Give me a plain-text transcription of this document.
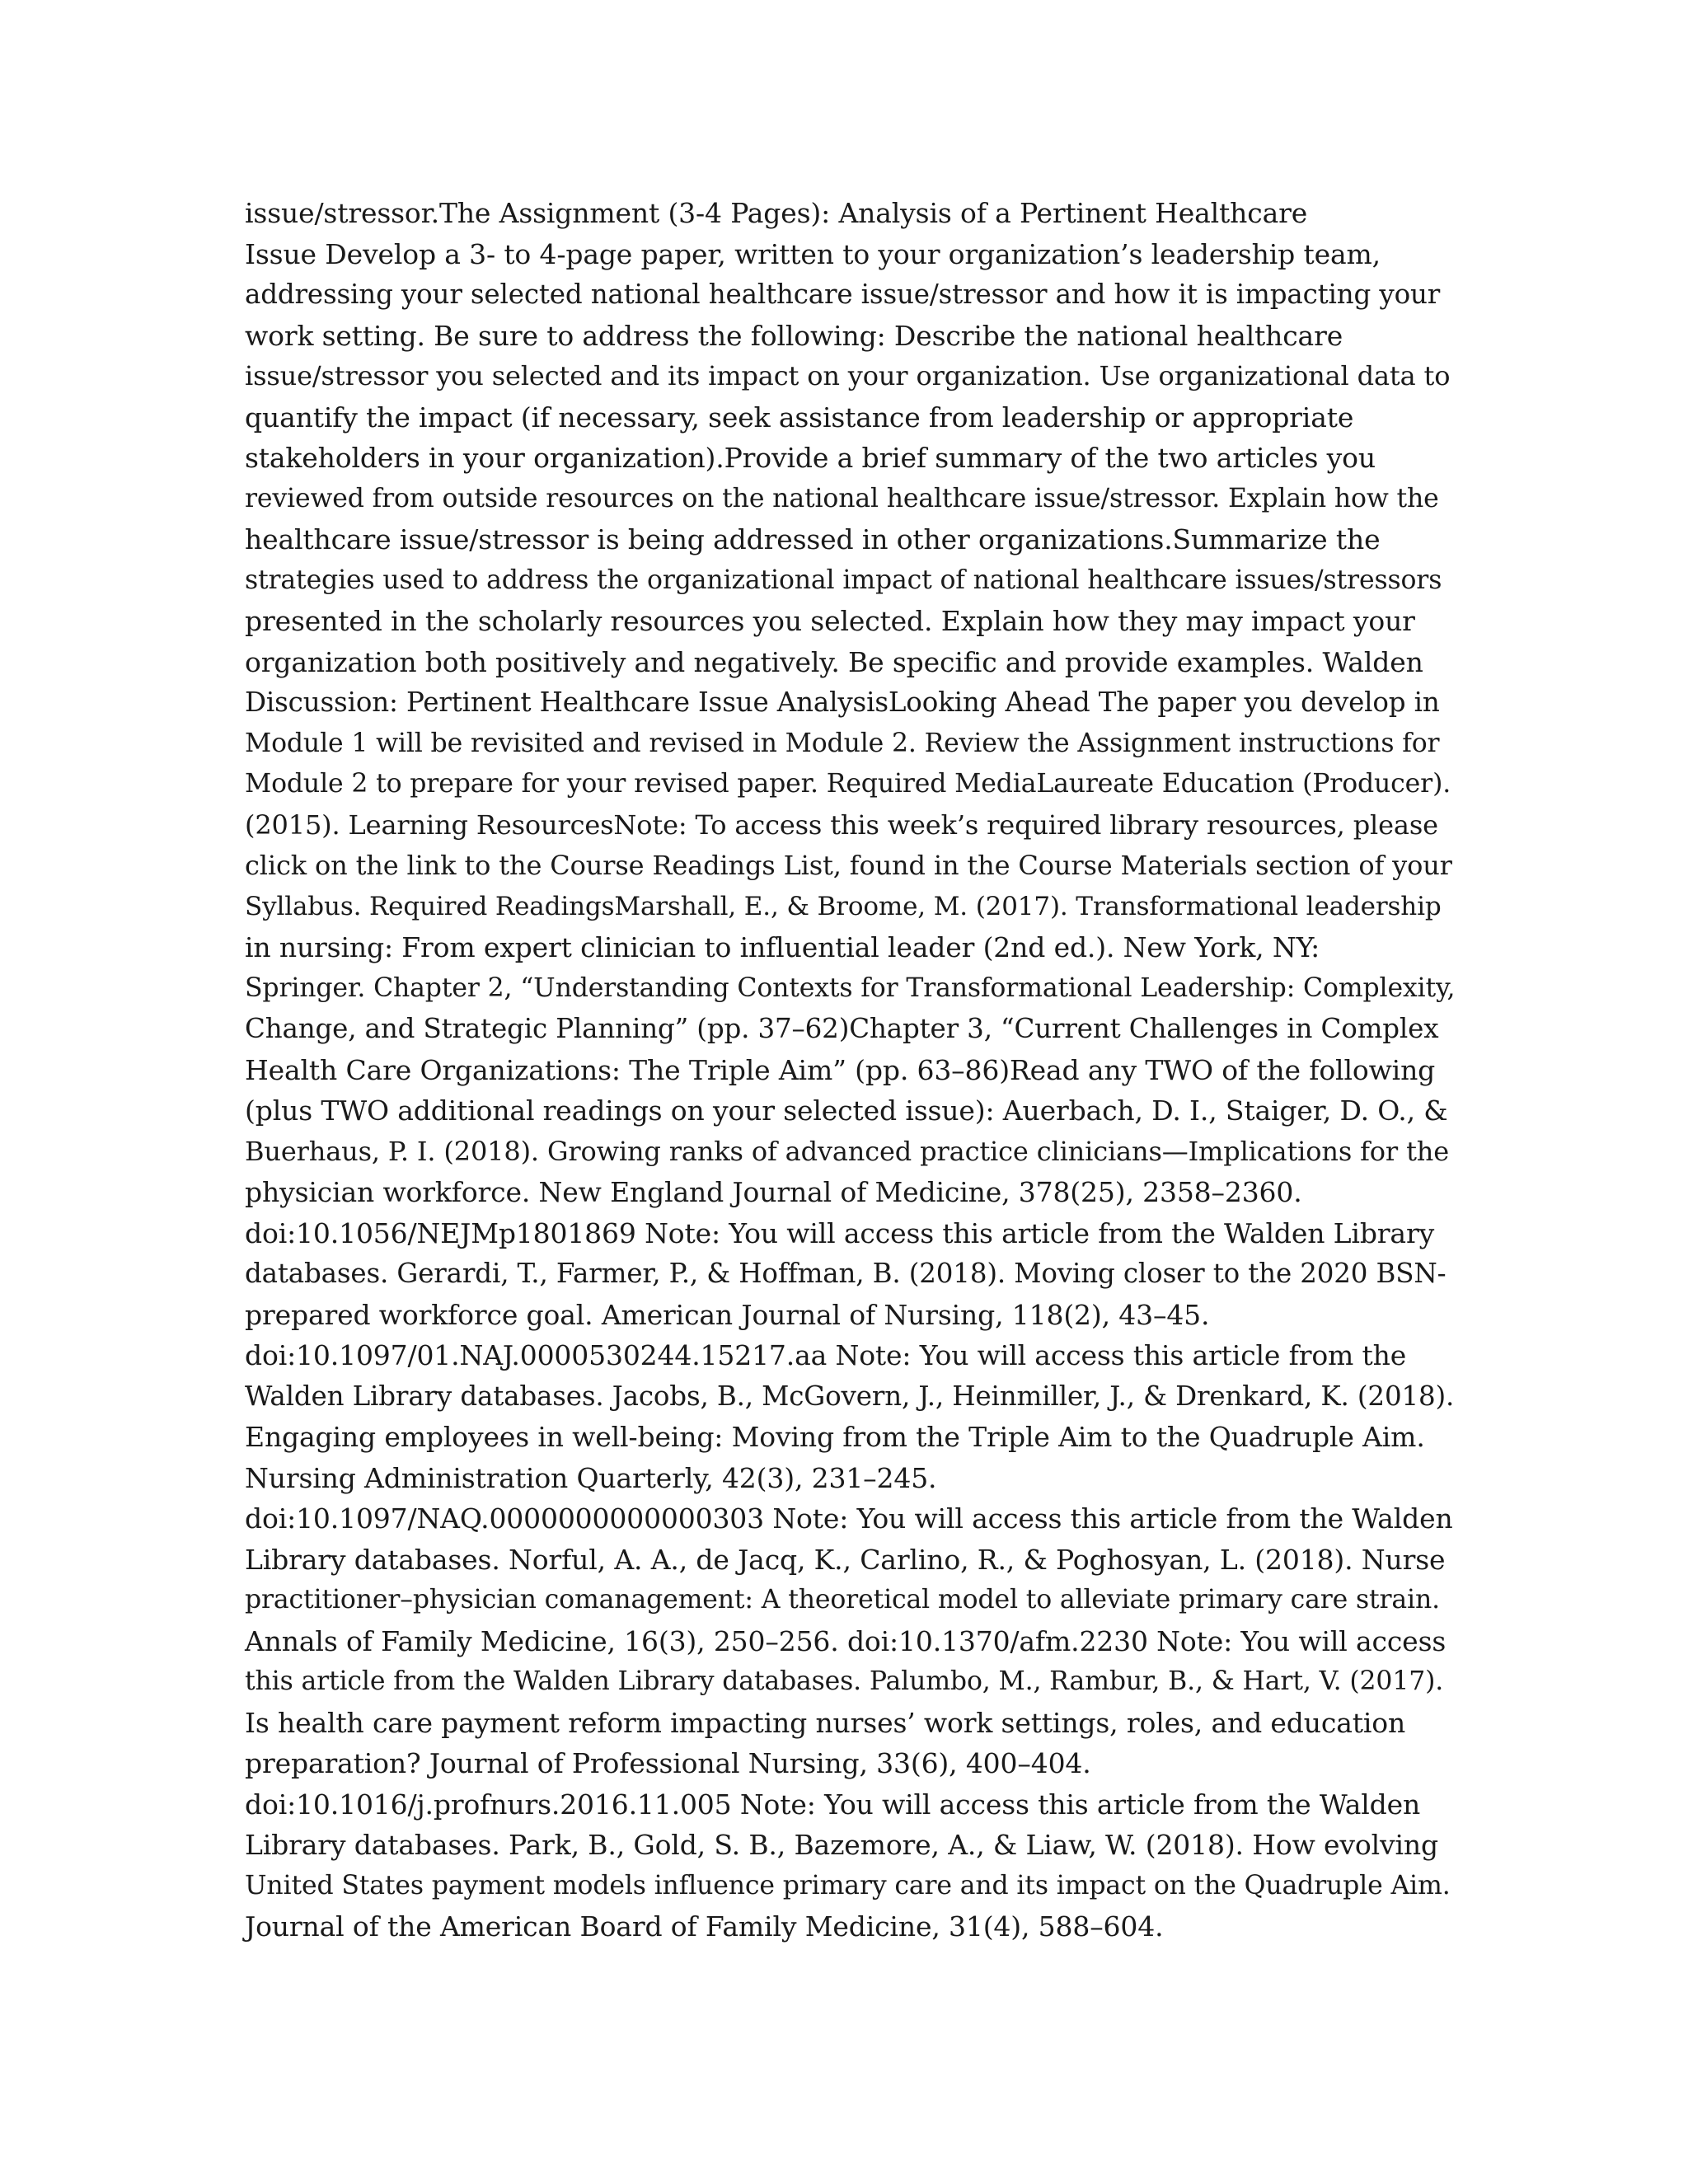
issue/stressor.The Assignment (3-4 Pages): Analysis of a Pertinent Healthcare
Issue Develop a 3- to 4-page paper, written to your organization’s leadership team,
addressing your selected national healthcare issue/stressor and how it is impacting your
work setting. Be sure to address the following: Describe the national healthcare
issue/stressor you selected and its impact on your organization. Use organizational data to
quantify the impact (if necessary, seek assistance from leadership or appropriate
stakeholders in your organization).Provide a brief summary of the two articles you
reviewed from outside resources on the national healthcare issue/stressor. Explain how the
healthcare issue/stressor is being addressed in other organizations.Summarize the
strategies used to address the organizational impact of national healthcare issues/stressors
presented in the scholarly resources you selected. Explain how they may impact your
organization both positively and negatively. Be specific and provide examples. Walden
Discussion: Pertinent Healthcare Issue AnalysisLooking Ahead The paper you develop in
Module 1 will be revisited and revised in Module 2. Review the Assignment instructions for
Module 2 to prepare for your revised paper. Required MediaLaureate Education (Producer).
(2015). Learning ResourcesNote: To access this week’s required library resources, please
click on the link to the Course Readings List, found in the Course Materials section of your
Syllabus. Required ReadingsMarshall, E., & Broome, M. (2017). Transformational leadership
in nursing: From expert clinician to influential leader (2nd ed.). New York, NY:
Springer. Chapter 2, “Understanding Contexts for Transformational Leadership: Complexity,
Change, and Strategic Planning” (pp. 37–62)Chapter 3, “Current Challenges in Complex
Health Care Organizations: The Triple Aim” (pp. 63–86)Read any TWO of the following
(plus TWO additional readings on your selected issue): Auerbach, D. I., Staiger, D. O., &
Buerhaus, P. I. (2018). Growing ranks of advanced practice clinicians—Implications for the
physician workforce. New England Journal of Medicine, 378(25), 2358–2360.
doi:10.1056/NEJMp1801869 Note: You will access this article from the Walden Library
databases. Gerardi, T., Farmer, P., & Hoffman, B. (2018). Moving closer to the 2020 BSN-
prepared workforce goal. American Journal of Nursing, 118(2), 43–45.
doi:10.1097/01.NAJ.0000530244.15217.aa Note: You will access this article from the
Walden Library databases. Jacobs, B., McGovern, J., Heinmiller, J., & Drenkard, K. (2018).
Engaging employees in well-being: Moving from the Triple Aim to the Quadruple Aim.
Nursing Administration Quarterly, 42(3), 231–245.
doi:10.1097/NAQ.0000000000000303 Note: You will access this article from the Walden
Library databases. Norful, A. A., de Jacq, K., Carlino, R., & Poghosyan, L. (2018). Nurse
practitioner–physician comanagement: A theoretical model to alleviate primary care strain.
Annals of Family Medicine, 16(3), 250–256. doi:10.1370/afm.2230 Note: You will access
this article from the Walden Library databases. Palumbo, M., Rambur, B., & Hart, V. (2017).
Is health care payment reform impacting nurses’ work settings, roles, and education
preparation? Journal of Professional Nursing, 33(6), 400–404.
doi:10.1016/j.profnurs.2016.11.005 Note: You will access this article from the Walden
Library databases. Park, B., Gold, S. B., Bazemore, A., & Liaw, W. (2018). How evolving
United States payment models influence primary care and its impact on the Quadruple Aim.
Journal of the American Board of Family Medicine, 31(4), 588–604.
